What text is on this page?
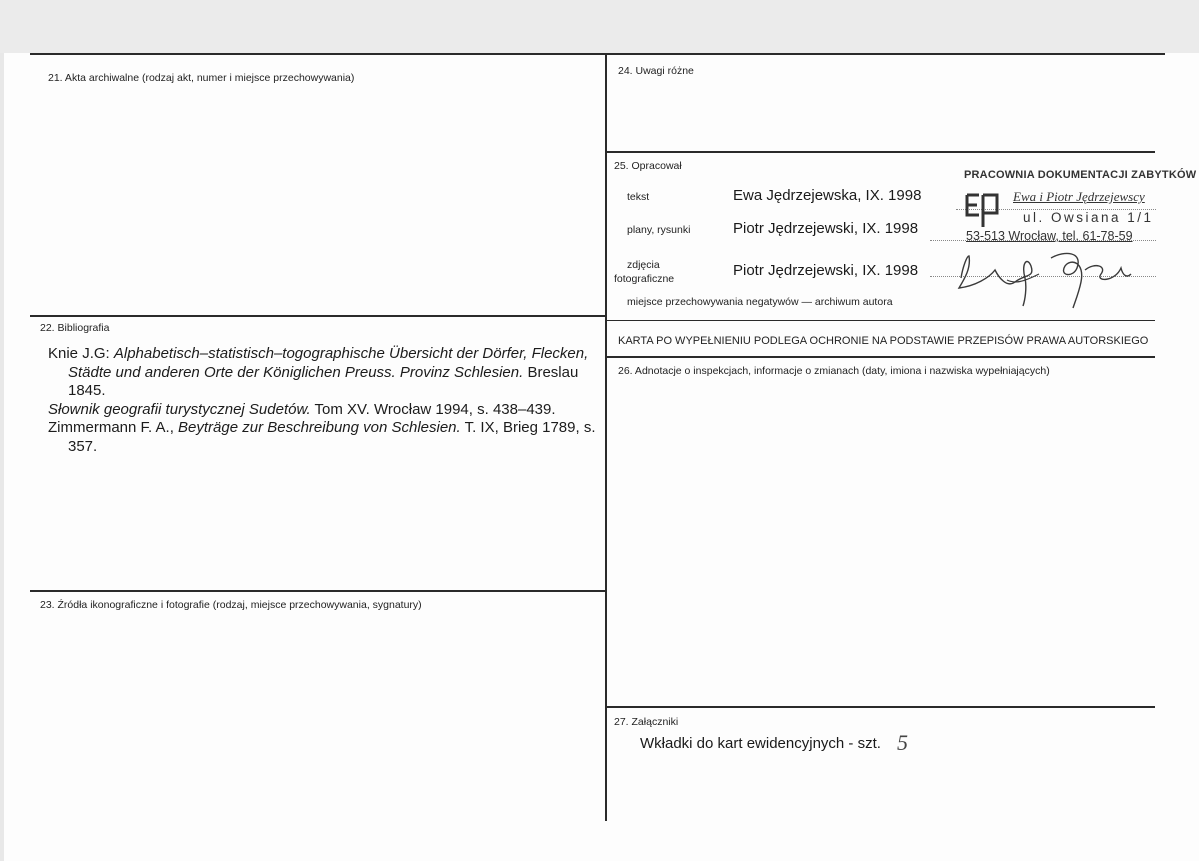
21. Akta archiwalne (rodzaj akt, numer i miejsce przechowywania)
22. Bibliografia

Knie J.G: Alphabetisch–statistisch–togographische Übersicht der Dörfer, Flecken, Städte und anderen Orte der Königlichen Preuss. Provinz Schlesien. Breslau 1845.

Słownik geografii turystycznej Sudetów. Tom XV. Wrocław 1994, s. 438–439.

Zimmermann F. A., Beyträge zur Beschreibung von Schlesien. T. IX, Brieg 1789, s. 357.

23. Źródła ikonograficzne i fotografie (rodzaj, miejsce przechowywania, sygnatury)
24. Uwagi różne
25. Opracował
tekst	Ewa Jędrzejewska, IX. 1998
plany, rysunki	Piotr Jędrzejewski, IX. 1998
zdjęcia
fotograficzne	Piotr Jędrzejewski, IX. 1998
miejsce przechowywania negatywów — archiwum autora
PRACOWNIA DOKUMENTACJI ZABYTKÓW
Ewa i Piotr Jędrzejewscy
ul. Owsiana 1/1
53-513 Wrocław, tel. 61-78-59
KARTA PO WYPEŁNIENIU PODLEGA OCHRONIE NA PODSTAWIE PRZEPISÓW PRAWA AUTORSKIEGO
26. Adnotacje o inspekcjach, informacje o zmianach (daty, imiona i nazwiska wypełniających)
27. Załączniki
Wkładki do kart ewidencyjnych - szt. 5
